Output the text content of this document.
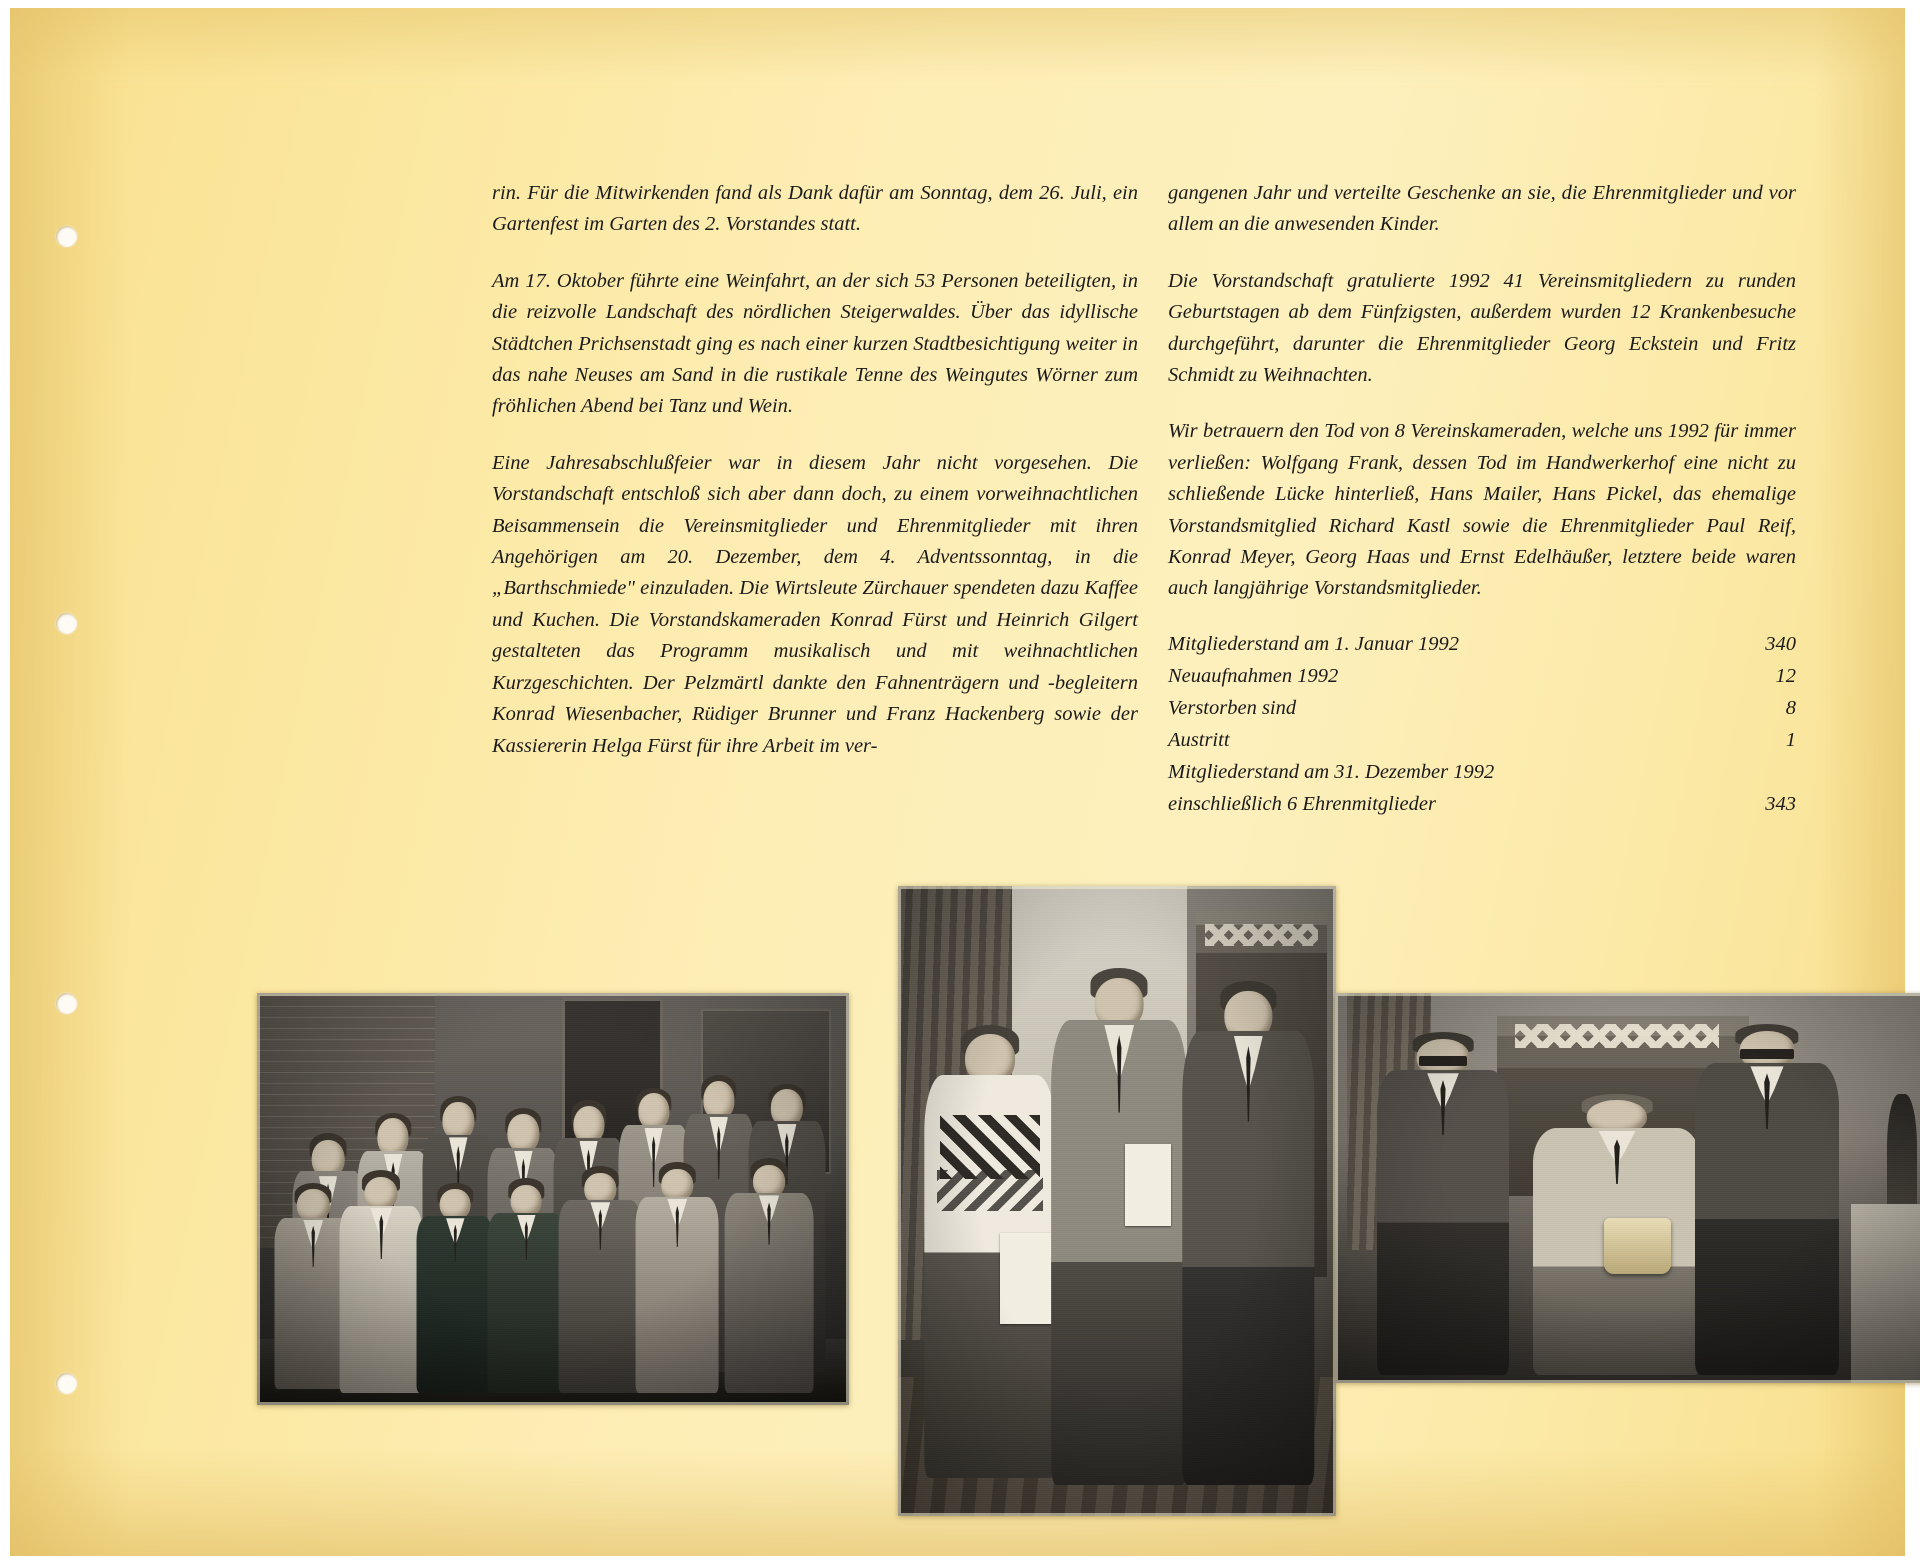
rin. Für die Mitwirkenden fand als Dank dafür am Sonntag, dem 26. Juli, ein Gartenfest im Garten des 2. Vorstandes statt.

Am 17. Oktober führte eine Weinfahrt, an der sich 53 Personen beteiligten, in die reizvolle Landschaft des nördlichen Steigerwaldes. Über das idyllische Städtchen Prichsenstadt ging es nach einer kurzen Stadtbesichtigung weiter in das nahe Neuses am Sand in die rustikale Tenne des Weingutes Wörner zum fröhlichen Abend bei Tanz und Wein.

Eine Jahresabschlußfeier war in diesem Jahr nicht vorgesehen. Die Vorstandschaft entschloß sich aber dann doch, zu einem vorweihnachtlichen Beisammensein die Vereinsmitglieder und Ehrenmitglieder mit ihren Angehörigen am 20. Dezember, dem 4. Adventssonntag, in die „Barthschmiede" einzuladen. Die Wirtsleute Zürchauer spendeten dazu Kaffee und Kuchen. Die Vorstandskameraden Konrad Fürst und Heinrich Gilgert gestalteten das Programm musikalisch und mit weihnachtlichen Kurzgeschichten. Der Pelzmärtl dankte den Fahnenträgern und -begleitern Konrad Wiesenbacher, Rüdiger Brunner und Franz Hackenberg sowie der Kassiererin Helga Fürst für ihre Arbeit im ver-

gangenen Jahr und verteilte Geschenke an sie, die Ehrenmitglieder und vor allem an die anwesenden Kinder.

Die Vorstandschaft gratulierte 1992 41 Vereinsmitgliedern zu runden Geburtstagen ab dem Fünfzigsten, außerdem wurden 12 Krankenbesuche durchgeführt, darunter die Ehrenmitglieder Georg Eckstein und Fritz Schmidt zu Weihnachten.

Wir betrauern den Tod von 8 Vereinskameraden, welche uns 1992 für immer verließen: Wolfgang Frank, dessen Tod im Handwerkerhof eine nicht zu schließende Lücke hinterließ, Hans Mailer, Hans Pickel, das ehemalige Vorstandsmitglied Richard Kastl sowie die Ehrenmitglieder Paul Reif, Konrad Meyer, Georg Haas und Ernst Edelhäußer, letztere beide waren auch langjährige Vorstandsmitglieder.

Mitgliederstand am 1. Januar 1992	340
Neuaufnahmen 1992	12
Verstorben sind	8
Austritt	1
Mitgliederstand am 31. Dezember 1992
einschließlich 6 Ehrenmitglieder	343
